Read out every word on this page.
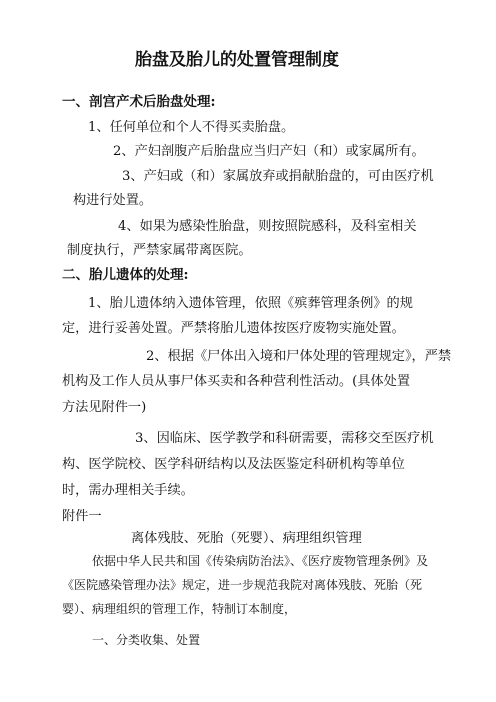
胎盘及胎儿的处置管理制度
一、剖宫产术后胎盘处理:
1、任何单位和个人不得买卖胎盘。
2、产妇剖腹产后胎盘应当归产妇（和）或家属所有。
3、产妇或（和）家属放弃或捐献胎盘的，可由医疗机
构进行处置。
4、如果为感染性胎盘，则按照院感科，及科室相关
制度执行，严禁家属带离医院。
二、胎儿遗体的处理:
1、胎儿遗体纳入遗体管理，依照《殡葬管理条例》的规
定，进行妥善处置。严禁将胎儿遗体按医疗废物实施处置。
2、根据《尸体出入境和尸体处理的管理规定》，严禁
机构及工作人员从事尸体买卖和各种营利性活动。(具体处置
方法见附件一)
3、因临床、医学教学和科研需要，需移交至医疗机
构、医学院校、医学科研结构以及法医鉴定科研机构等单位
时，需办理相关手续。
附件一
离体残肢、死胎（死婴）、病理组织管理
依据中华人民共和国《传染病防治法》、《医疗废物管理条例》及
《医院感染管理办法》规定，进一步规范我院对离体残肢、死胎（死
婴）、病理组织的管理工作，特制订本制度，
一、分类收集、处置
